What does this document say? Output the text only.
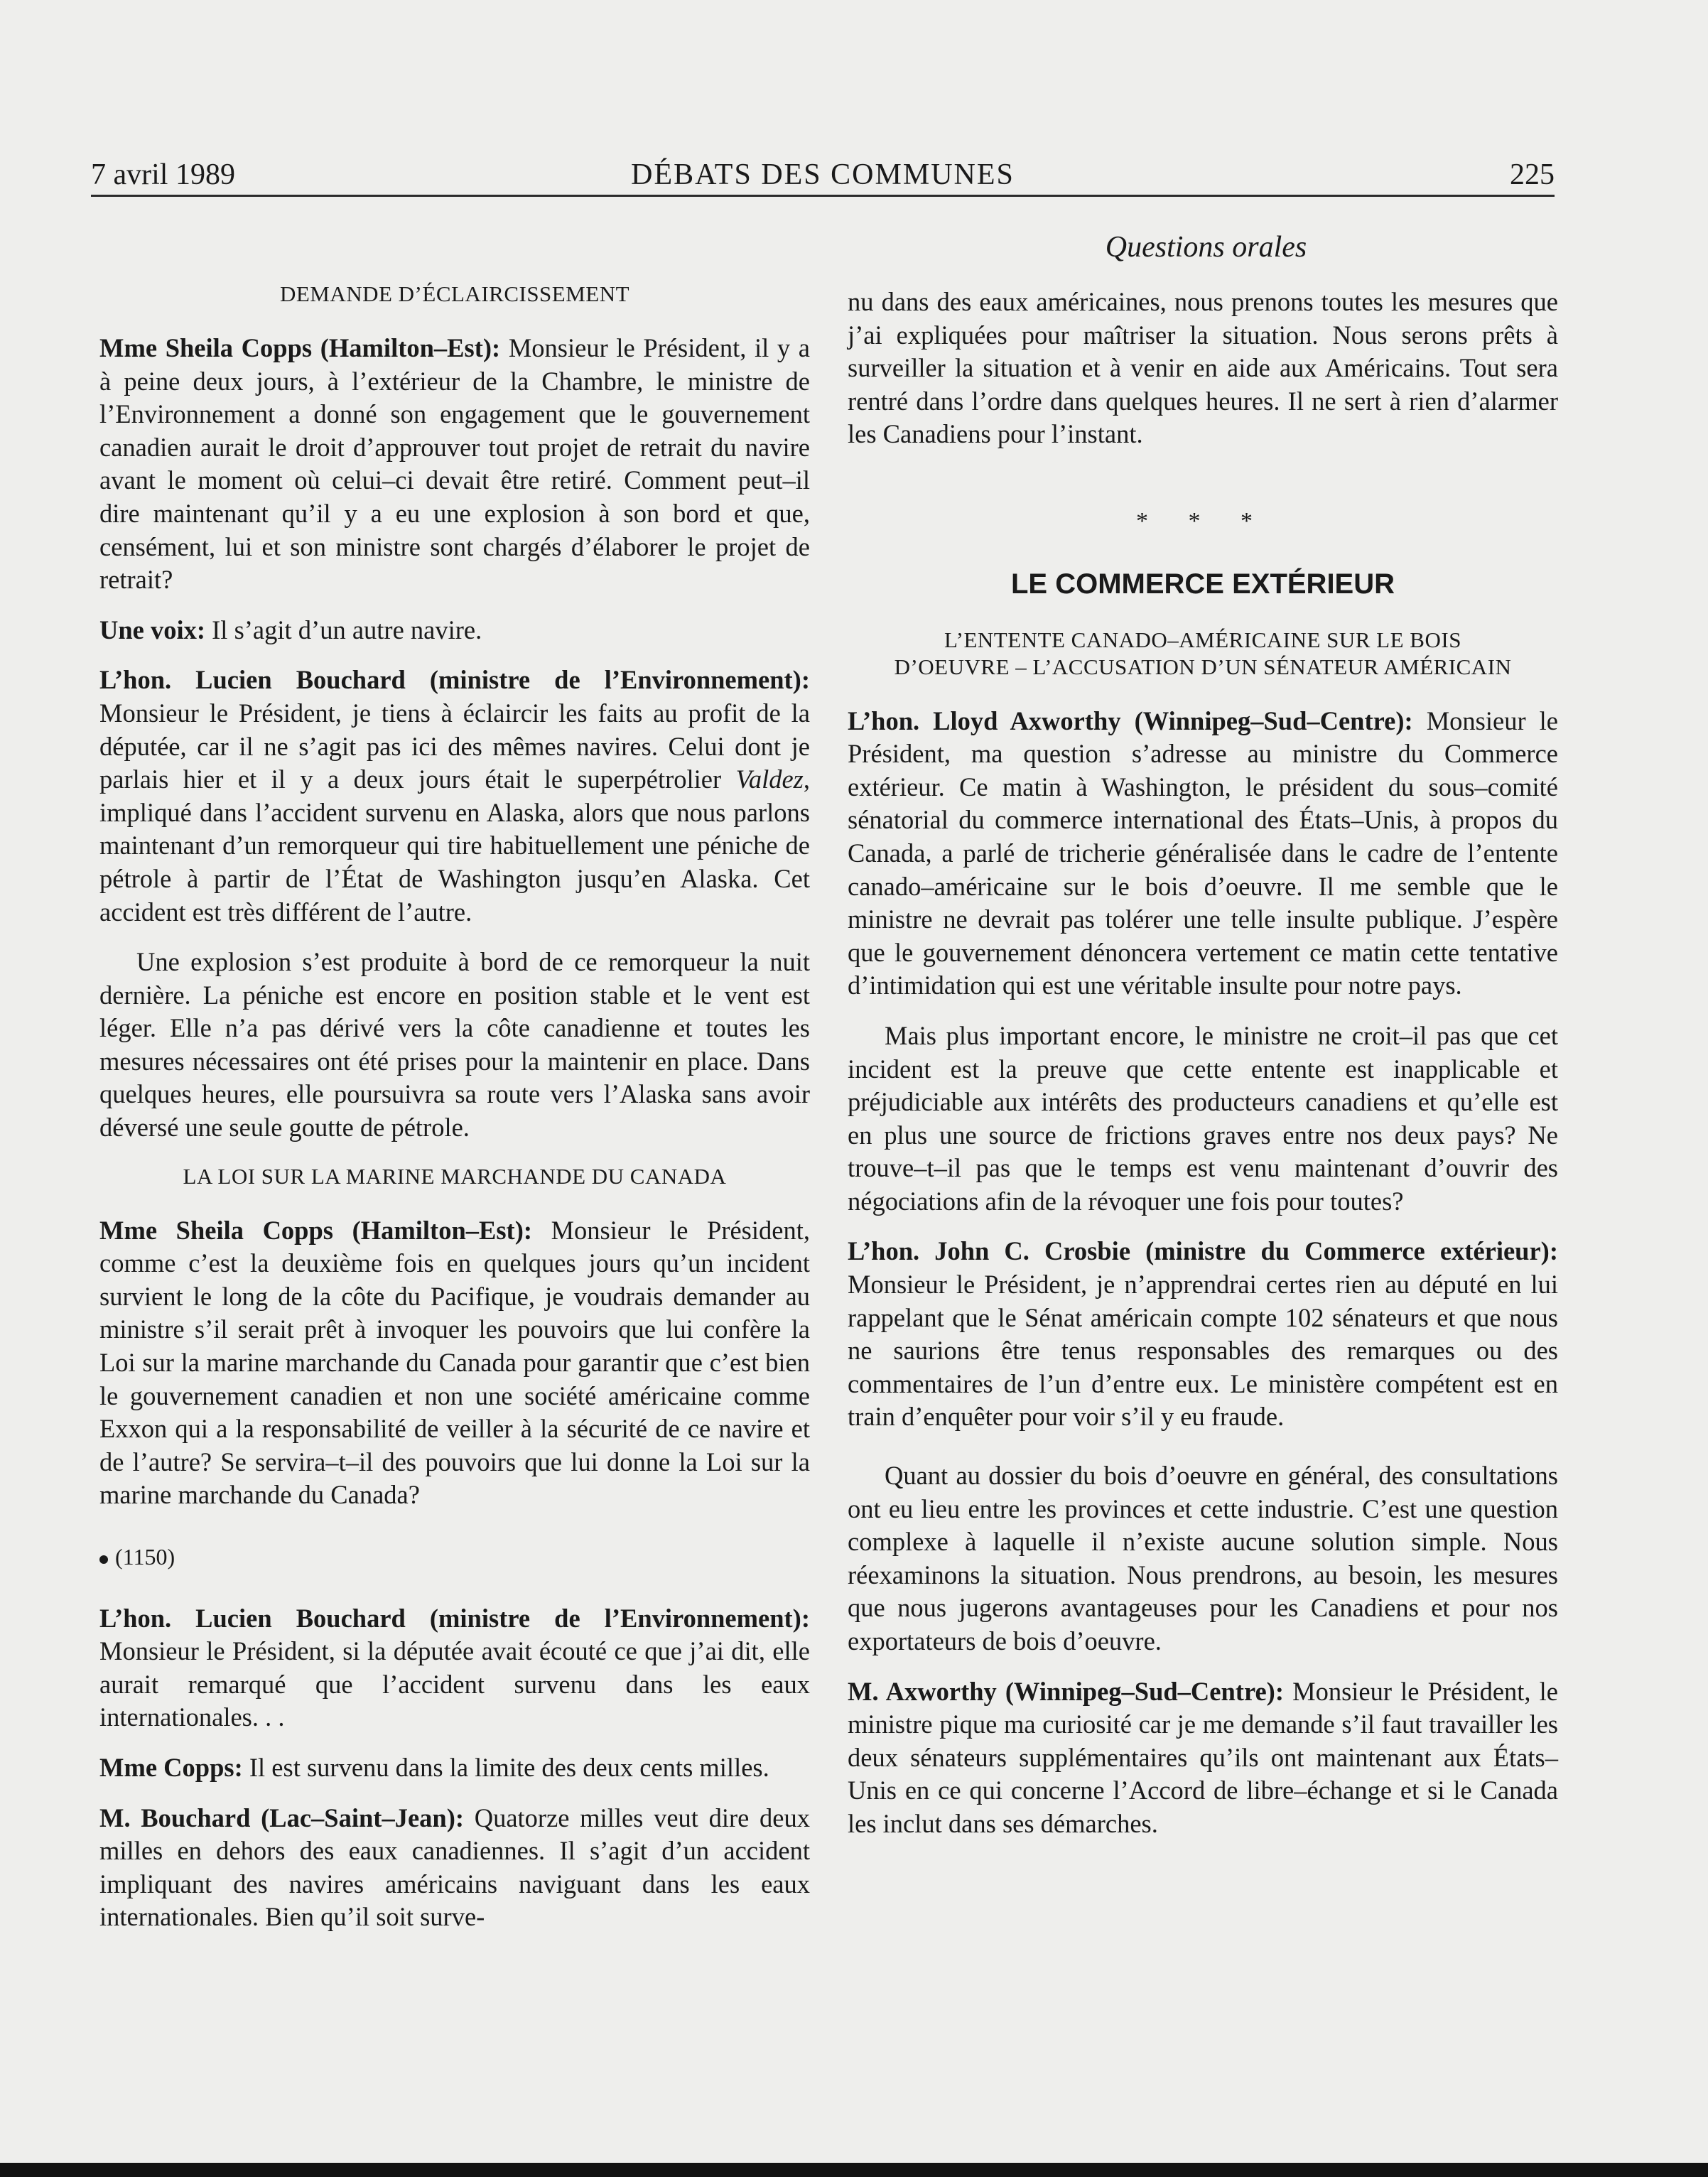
7 avril 1989	DÉBATS DES COMMUNES	225
Questions orales
DEMANDE D’ÉCLAIRCISSEMENT

Mme Sheila Copps (Hamilton–Est): Monsieur le Président, il y a à peine deux jours, à l’extérieur de la Chambre, le ministre de l’Environnement a donné son engagement que le gouvernement canadien aurait le droit d’approuver tout projet de retrait du navire avant le moment où celui–ci devait être retiré. Comment peut–il dire maintenant qu’il y a eu une explosion à son bord et que, censément, lui et son ministre sont chargés d’élaborer le projet de retrait?

Une voix: Il s’agit d’un autre navire.

L’hon. Lucien Bouchard (ministre de l’Environnement): Monsieur le Président, je tiens à éclaircir les faits au profit de la députée, car il ne s’agit pas ici des mêmes navires. Celui dont je parlais hier et il y a deux jours était le superpétrolier Valdez, impliqué dans l’accident survenu en Alaska, alors que nous parlons maintenant d’un remorqueur qui tire habituellement une péniche de pétrole à partir de l’État de Washington jusqu’en Alaska. Cet accident est très différent de l’autre.

Une explosion s’est produite à bord de ce remorqueur la nuit dernière. La péniche est encore en position stable et le vent est léger. Elle n’a pas dérivé vers la côte canadienne et toutes les mesures nécessaires ont été prises pour la maintenir en place. Dans quelques heures, elle poursuivra sa route vers l’Alaska sans avoir déversé une seule goutte de pétrole.

LA LOI SUR LA MARINE MARCHANDE DU CANADA

Mme Sheila Copps (Hamilton–Est): Monsieur le Président, comme c’est la deuxième fois en quelques jours qu’un incident survient le long de la côte du Pacifique, je voudrais demander au ministre s’il serait prêt à invoquer les pouvoirs que lui confère la Loi sur la marine marchande du Canada pour garantir que c’est bien le gouvernement canadien et non une société américaine comme Exxon qui a la responsabilité de veiller à la sécurité de ce navire et de l’autre? Se servira–t–il des pouvoirs que lui donne la Loi sur la marine marchande du Canada?

(1150)

L’hon. Lucien Bouchard (ministre de l’Environnement): Monsieur le Président, si la députée avait écouté ce que j’ai dit, elle aurait remarqué que l’accident survenu dans les eaux internationales. . .

Mme Copps: Il est survenu dans la limite des deux cents milles.

M. Bouchard (Lac–Saint–Jean): Quatorze milles veut dire deux milles en dehors des eaux canadiennes. Il s’agit d’un accident impliquant des navires américains naviguant dans les eaux internationales. Bien qu’il soit surve-

nu dans des eaux américaines, nous prenons toutes les mesures que j’ai expliquées pour maîtriser la situation. Nous serons prêts à surveiller la situation et à venir en aide aux Américains. Tout sera rentré dans l’ordre dans quelques heures. Il ne sert à rien d’alarmer les Canadiens pour l’instant.

* * *
LE COMMERCE EXTÉRIEUR
L’ENTENTE CANADO–AMÉRICAINE SUR LE BOIS
D’OEUVRE – L’ACCUSATION D’UN SÉNATEUR AMÉRICAIN

L’hon. Lloyd Axworthy (Winnipeg–Sud–Centre): Monsieur le Président, ma question s’adresse au ministre du Commerce extérieur. Ce matin à Washington, le président du sous–comité sénatorial du commerce international des États–Unis, à propos du Canada, a parlé de tricherie généralisée dans le cadre de l’entente canado–américaine sur le bois d’oeuvre. Il me semble que le ministre ne devrait pas tolérer une telle insulte publique. J’espère que le gouvernement dénoncera vertement ce matin cette tentative d’intimidation qui est une véritable insulte pour notre pays.

Mais plus important encore, le ministre ne croit–il pas que cet incident est la preuve que cette entente est inapplicable et préjudiciable aux intérêts des producteurs canadiens et qu’elle est en plus une source de frictions graves entre nos deux pays? Ne trouve–t–il pas que le temps est venu maintenant d’ouvrir des négociations afin de la révoquer une fois pour toutes?

L’hon. John C. Crosbie (ministre du Commerce extérieur): Monsieur le Président, je n’apprendrai certes rien au député en lui rappelant que le Sénat américain compte 102 sénateurs et que nous ne saurions être tenus responsables des remarques ou des commentaires de l’un d’entre eux. Le ministère compétent est en train d’enquêter pour voir s’il y eu fraude.

Quant au dossier du bois d’oeuvre en général, des consultations ont eu lieu entre les provinces et cette industrie. C’est une question complexe à laquelle il n’existe aucune solution simple. Nous réexaminons la situation. Nous prendrons, au besoin, les mesures que nous jugerons avantageuses pour les Canadiens et pour nos exportateurs de bois d’oeuvre.

M. Axworthy (Winnipeg–Sud–Centre): Monsieur le Président, le ministre pique ma curiosité car je me demande s’il faut travailler les deux sénateurs supplémentaires qu’ils ont maintenant aux États–Unis en ce qui concerne l’Accord de libre–échange et si le Canada les inclut dans ses démarches.
